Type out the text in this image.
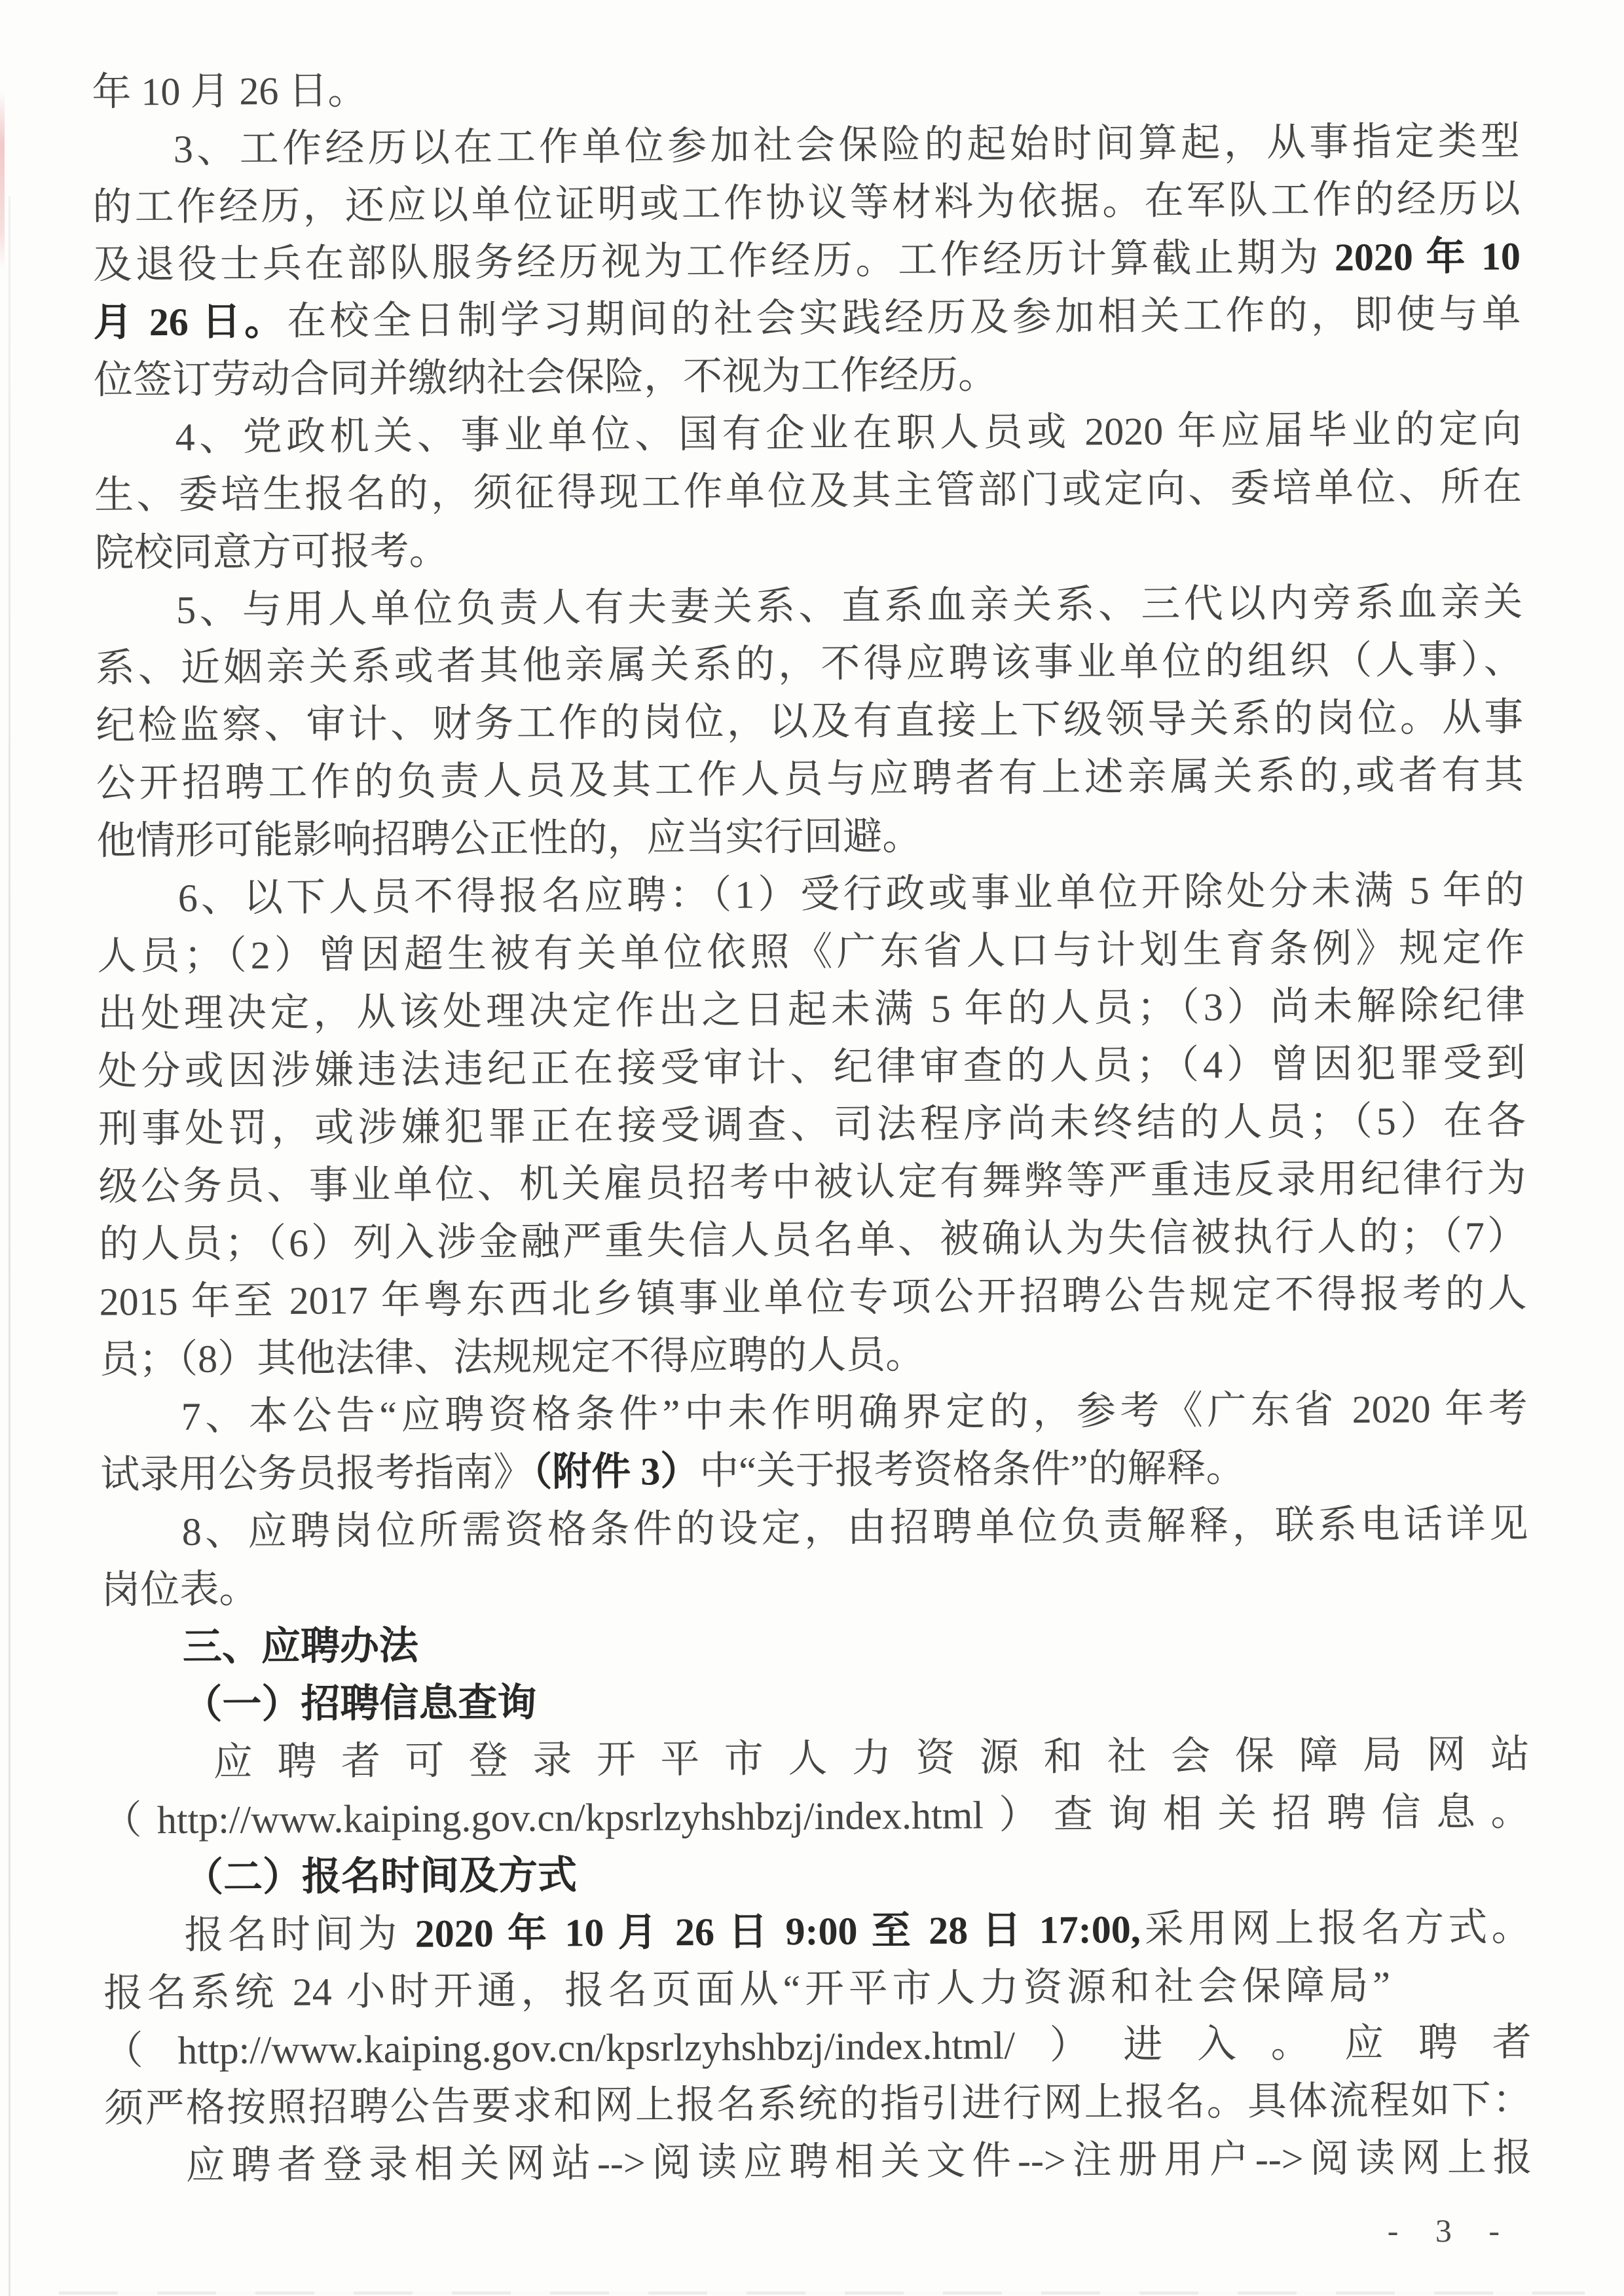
年 10 月 26 日。
3、工作经历以在工作单位参加社会保险的起始时间算起，从事指定类型
的工作经历，还应以单位证明或工作协议等材料为依据。在军队工作的经历以
及退役士兵在部队服务经历视为工作经历。工作经历计算截止期为 2020 年 10
月 26 日。在校全日制学习期间的社会实践经历及参加相关工作的，即使与单
位签订劳动合同并缴纳社会保险，不视为工作经历。
4、党政机关、事业单位、国有企业在职人员或 2020 年应届毕业的定向
生、委培生报名的，须征得现工作单位及其主管部门或定向、委培单位、所在
院校同意方可报考。
5、与用人单位负责人有夫妻关系、直系血亲关系、三代以内旁系血亲关
系、近姻亲关系或者其他亲属关系的，不得应聘该事业单位的组织（人事）、
纪检监察、审计、财务工作的岗位，以及有直接上下级领导关系的岗位。从事
公开招聘工作的负责人员及其工作人员与应聘者有上述亲属关系的,或者有其
他情形可能影响招聘公正性的，应当实行回避。
6、以下人员不得报名应聘：（1）受行政或事业单位开除处分未满 5 年的
人员；（2）曾因超生被有关单位依照《广东省人口与计划生育条例》规定作
出处理决定，从该处理决定作出之日起未满 5 年的人员；（3）尚未解除纪律
处分或因涉嫌违法违纪正在接受审计、纪律审查的人员；（4）曾因犯罪受到
刑事处罚，或涉嫌犯罪正在接受调查、司法程序尚未终结的人员；（5）在各
级公务员、事业单位、机关雇员招考中被认定有舞弊等严重违反录用纪律行为
的人员；（6）列入涉金融严重失信人员名单、被确认为失信被执行人的；（7）
2015 年至 2017 年粤东西北乡镇事业单位专项公开招聘公告规定不得报考的人
员；（8）其他法律、法规规定不得应聘的人员。
7、本公告“应聘资格条件”中未作明确界定的，参考《广东省 2020 年考
试录用公务员报考指南》（附件 3）中“关于报考资格条件”的解释。
8、应聘岗位所需资格条件的设定，由招聘单位负责解释，联系电话详见
岗位表。
三、应聘办法
（一）招聘信息查询
应聘者可登录开平市人力资源和社会保障局网站
（http://www.kaiping.gov.cn/kpsrlzyhshbzj/index.html）查询相关招聘信息。
（二）报名时间及方式
报名时间为 2020 年 10 月 26 日 9:00 至 28 日 17:00,采用网上报名方式。
报名系统 24 小时开通，报名页面从“开平市人力资源和社会保障局”
（http://www.kaiping.gov.cn/kpsrlzyhshbzj/index.html/）进入。应聘者
须严格按照招聘公告要求和网上报名系统的指引进行网上报名。具体流程如下：
应聘者登录相关网站-->阅读应聘相关文件-->注册用户-->阅读网上报
- 3 -
